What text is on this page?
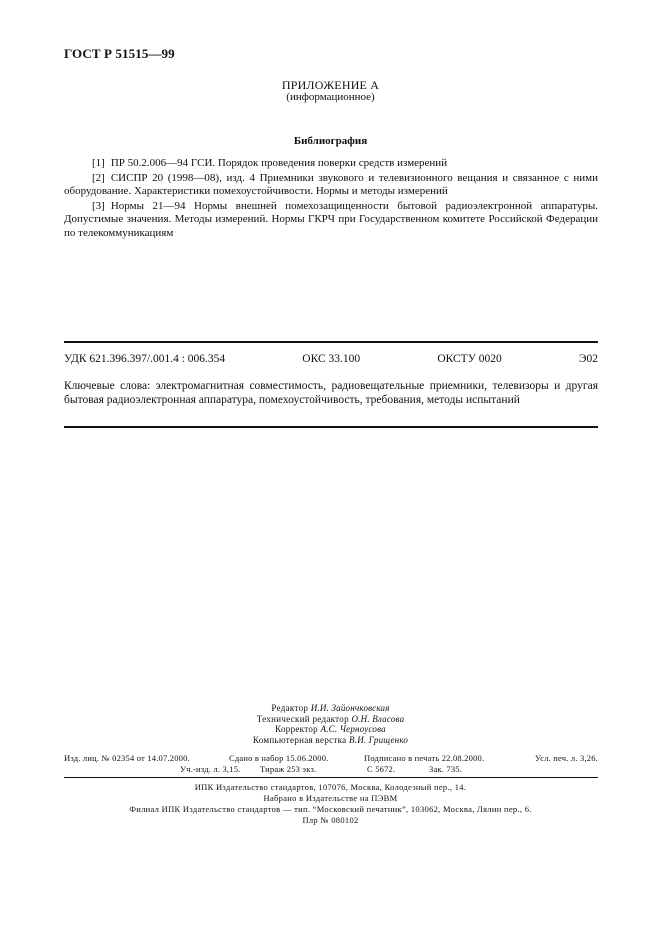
ГОСТ Р 51515—99
ПРИЛОЖЕНИЕ А
(информационное)
Библиография

[1] ПР 50.2.006—94 ГСИ. Порядок проведения поверки средств измерений

[2] СИСПР 20 (1998—08), изд. 4 Приемники звукового и телевизионного вещания и связанное с ними оборудование. Характеристики помехоустойчивости. Нормы и методы измерений

[3] Нормы 21—94 Нормы внешней помехозащищенности бытовой радиоэлектронной аппаратуры. Допустимые значения. Методы измерений. Нормы ГКРЧ при Государственном комитете Российской Федерации по телекоммуникациям

УДК 621.396.397/.001.4 : 006.354	ОКС 33.100	ОКСТУ 0020	Э02
Ключевые слова: электромагнитная совместимость, радиовещательные приемники, телевизоры и другая бытовая радиоэлектронная аппаратура, помехоустойчивость, требования, методы испытаний
Редактор И.И. Зайончковская
Технический редактор О.Н. Власова
Корректор А.С. Черноусова
Компьютерная верстка В.И. Грищенко
Изд. лиц. № 02354 от 14.07.2000.	Сдано в набор 15.06.2000.	Подписано в печать 22.08.2000.	Усл. печ. л. 3,26.
Уч.-изд. л. 3,15. Тираж 253 экз.	С 5672.	Зак. 735.
ИПК Издательство стандартов, 107076, Москва, Колодезный пер., 14.
Набрано в Издательстве на ПЭВМ
Филиал ИПК Издательство стандартов — тип. “Московский печатник”, 103062, Москва, Лялин пер., 6.
Плр № 080102
